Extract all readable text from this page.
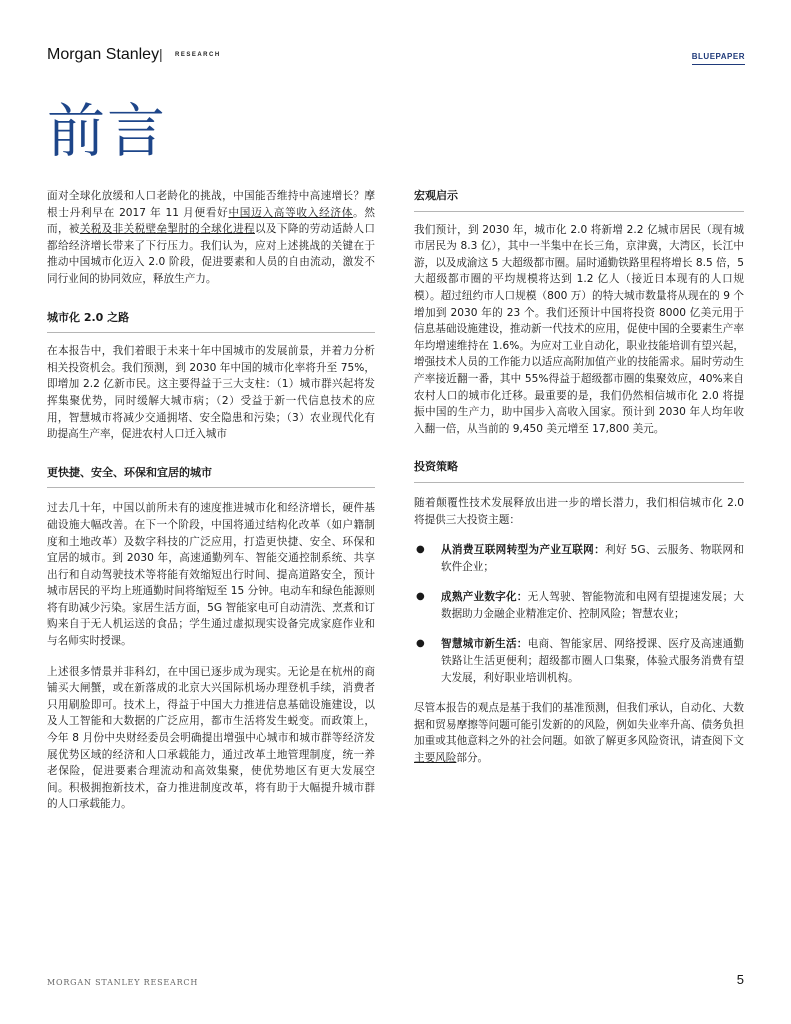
Morgan Stanley | RESEARCH	BLUEPAPER
前言

面对全球化放缓和人口老龄化的挑战，中国能否维持中高速增长？摩根士丹利早在 2017 年 11 月便看好中国迈入高等收入经济体。然而，被关税及非关税壁垒掣肘的全球化进程以及下降的劳动适龄人口都给经济增长带来了下行压力。我们认为，应对上述挑战的关键在于推动中国城市化迈入 2.0 阶段，促进要素和人员的自由流动，激发不同行业间的协同效应，释放生产力。

城市化 2.0 之路

在本报告中，我们着眼于未来十年中国城市的发展前景，并着力分析相关投资机会。我们预测，到 2030 年中国的城市化率将升至 75%，即增加 2.2 亿新市民。这主要得益于三大支柱：（1）城市群兴起将发挥集聚优势，同时缓解大城市病；（2）受益于新一代信息技术的应用，智慧城市将减少交通拥堵、安全隐患和污染；（3）农业现代化有助提高生产率，促进农村人口迁入城市

更快捷、安全、环保和宜居的城市

过去几十年，中国以前所未有的速度推进城市化和经济增长，硬件基础设施大幅改善。在下一个阶段，中国将通过结构化改革（如户籍制度和土地改革）及数字科技的广泛应用，打造更快捷、安全、环保和宜居的城市。到 2030 年，高速通勤列车、智能交通控制系统、共享出行和自动驾驶技术等将能有效缩短出行时间、提高道路安全，预计城市居民的平均上班通勤时间将缩短至 15 分钟。电动车和绿色能源则将有助减少污染。家居生活方面，5G 智能家电可自动清洗、烹煮和订购来自于无人机运送的食品；学生通过虚拟现实设备完成家庭作业和与名师实时授课。

上述很多情景并非科幻，在中国已逐步成为现实。无论是在杭州的商铺买大闸蟹，或在新落成的北京大兴国际机场办理登机手续，消费者只用刷脸即可。技术上，得益于中国大力推进信息基础设施建设，以及人工智能和大数据的广泛应用，都市生活将发生蜕变。而政策上，今年 8 月份中央财经委员会明确提出增强中心城市和城市群等经济发展优势区域的经济和人口承载能力，通过改革土地管理制度，统一养老保险，促进要素合理流动和高效集聚，使优势地区有更大发展空间。积极拥抱新技术，奋力推进制度改革，将有助于大幅提升城市群的人口承载能力。

宏观启示

我们预计，到 2030 年，城市化 2.0 将新增 2.2 亿城市居民（现有城市居民为 8.3 亿），其中一半集中在长三角，京津冀，大湾区，长江中游，以及成渝这 5 大超级都市圈。届时通勤铁路里程将增长 8.5 倍，5 大超级都市圈的平均规模将达到 1.2 亿人（接近日本现有的人口规模）。超过纽约市人口规模（800 万）的特大城市数量将从现在的 9 个增加到 2030 年的 23 个。我们还预计中国将投资 8000 亿美元用于信息基础设施建设，推动新一代技术的应用，促使中国的全要素生产率年均增速维持在 1.6%。为应对工业自动化，职业技能培训有望兴起，增强技术人员的工作能力以适应高附加值产业的技能需求。届时劳动生产率接近翻一番，其中 55%得益于超级都市圈的集聚效应，40%来自农村人口的城市化迁移。最重要的是，我们仍然相信城市化 2.0 将提振中国的生产力，助中国步入高收入国家。预计到 2030 年人均年收入翻一倍，从当前的 9,450 美元增至 17,800 美元。

投资策略

随着颠覆性技术发展释放出进一步的增长潜力，我们相信城市化 2.0 将提供三大投资主题：

● 从消费互联网转型为产业互联网：利好 5G、云服务、物联网和软件企业；
● 成熟产业数字化：无人驾驶、智能物流和电网有望提速发展；大数据助力金融企业精准定价、控制风险；智慧农业；
● 智慧城市新生活：电商、智能家居、网络授课、医疗及高速通勤铁路让生活更便利；超级都市圈人口集聚，体验式服务消费有望大发展，利好职业培训机构。

尽管本报告的观点是基于我们的基准预测，但我们承认，自动化、大数据和贸易摩擦等问题可能引发新的的风险，例如失业率升高、债务负担加重或其他意料之外的社会问题。如欲了解更多风险资讯，请查阅下文主要风险部分。

MORGAN STANLEY RESEARCH	5
